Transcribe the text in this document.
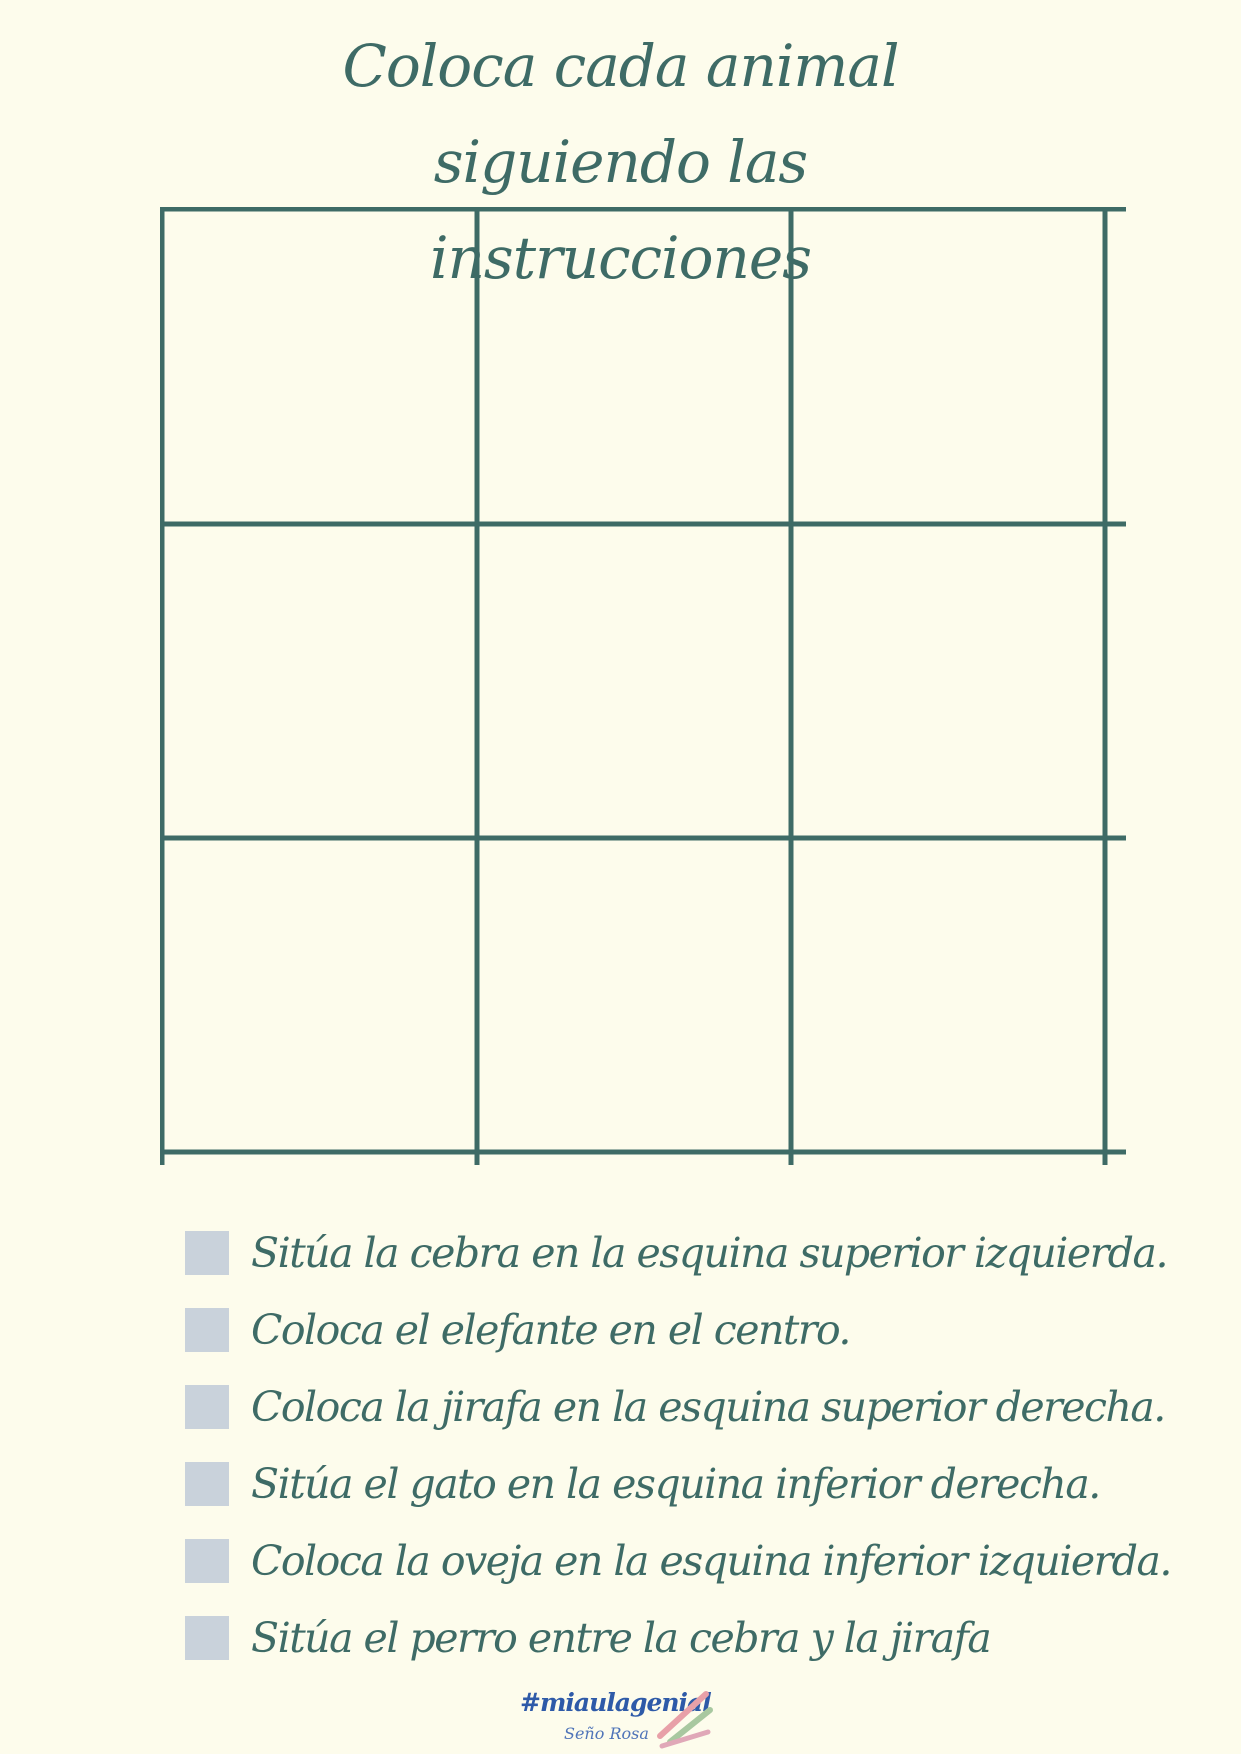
Coloca cada animal siguiendo las
Sitúa la cebra en la esquina superior izquierda.
Coloca el elefante en el centro.
Coloca la jirafa en la esquina superior derecha.
Sitúa el gato en la esquina inferior derecha.
Coloca la oveja en la esquina inferior izquierda.
Sitúa el perro entre la cebra y la jirafa
#miaulagenial
Seño Rosa
